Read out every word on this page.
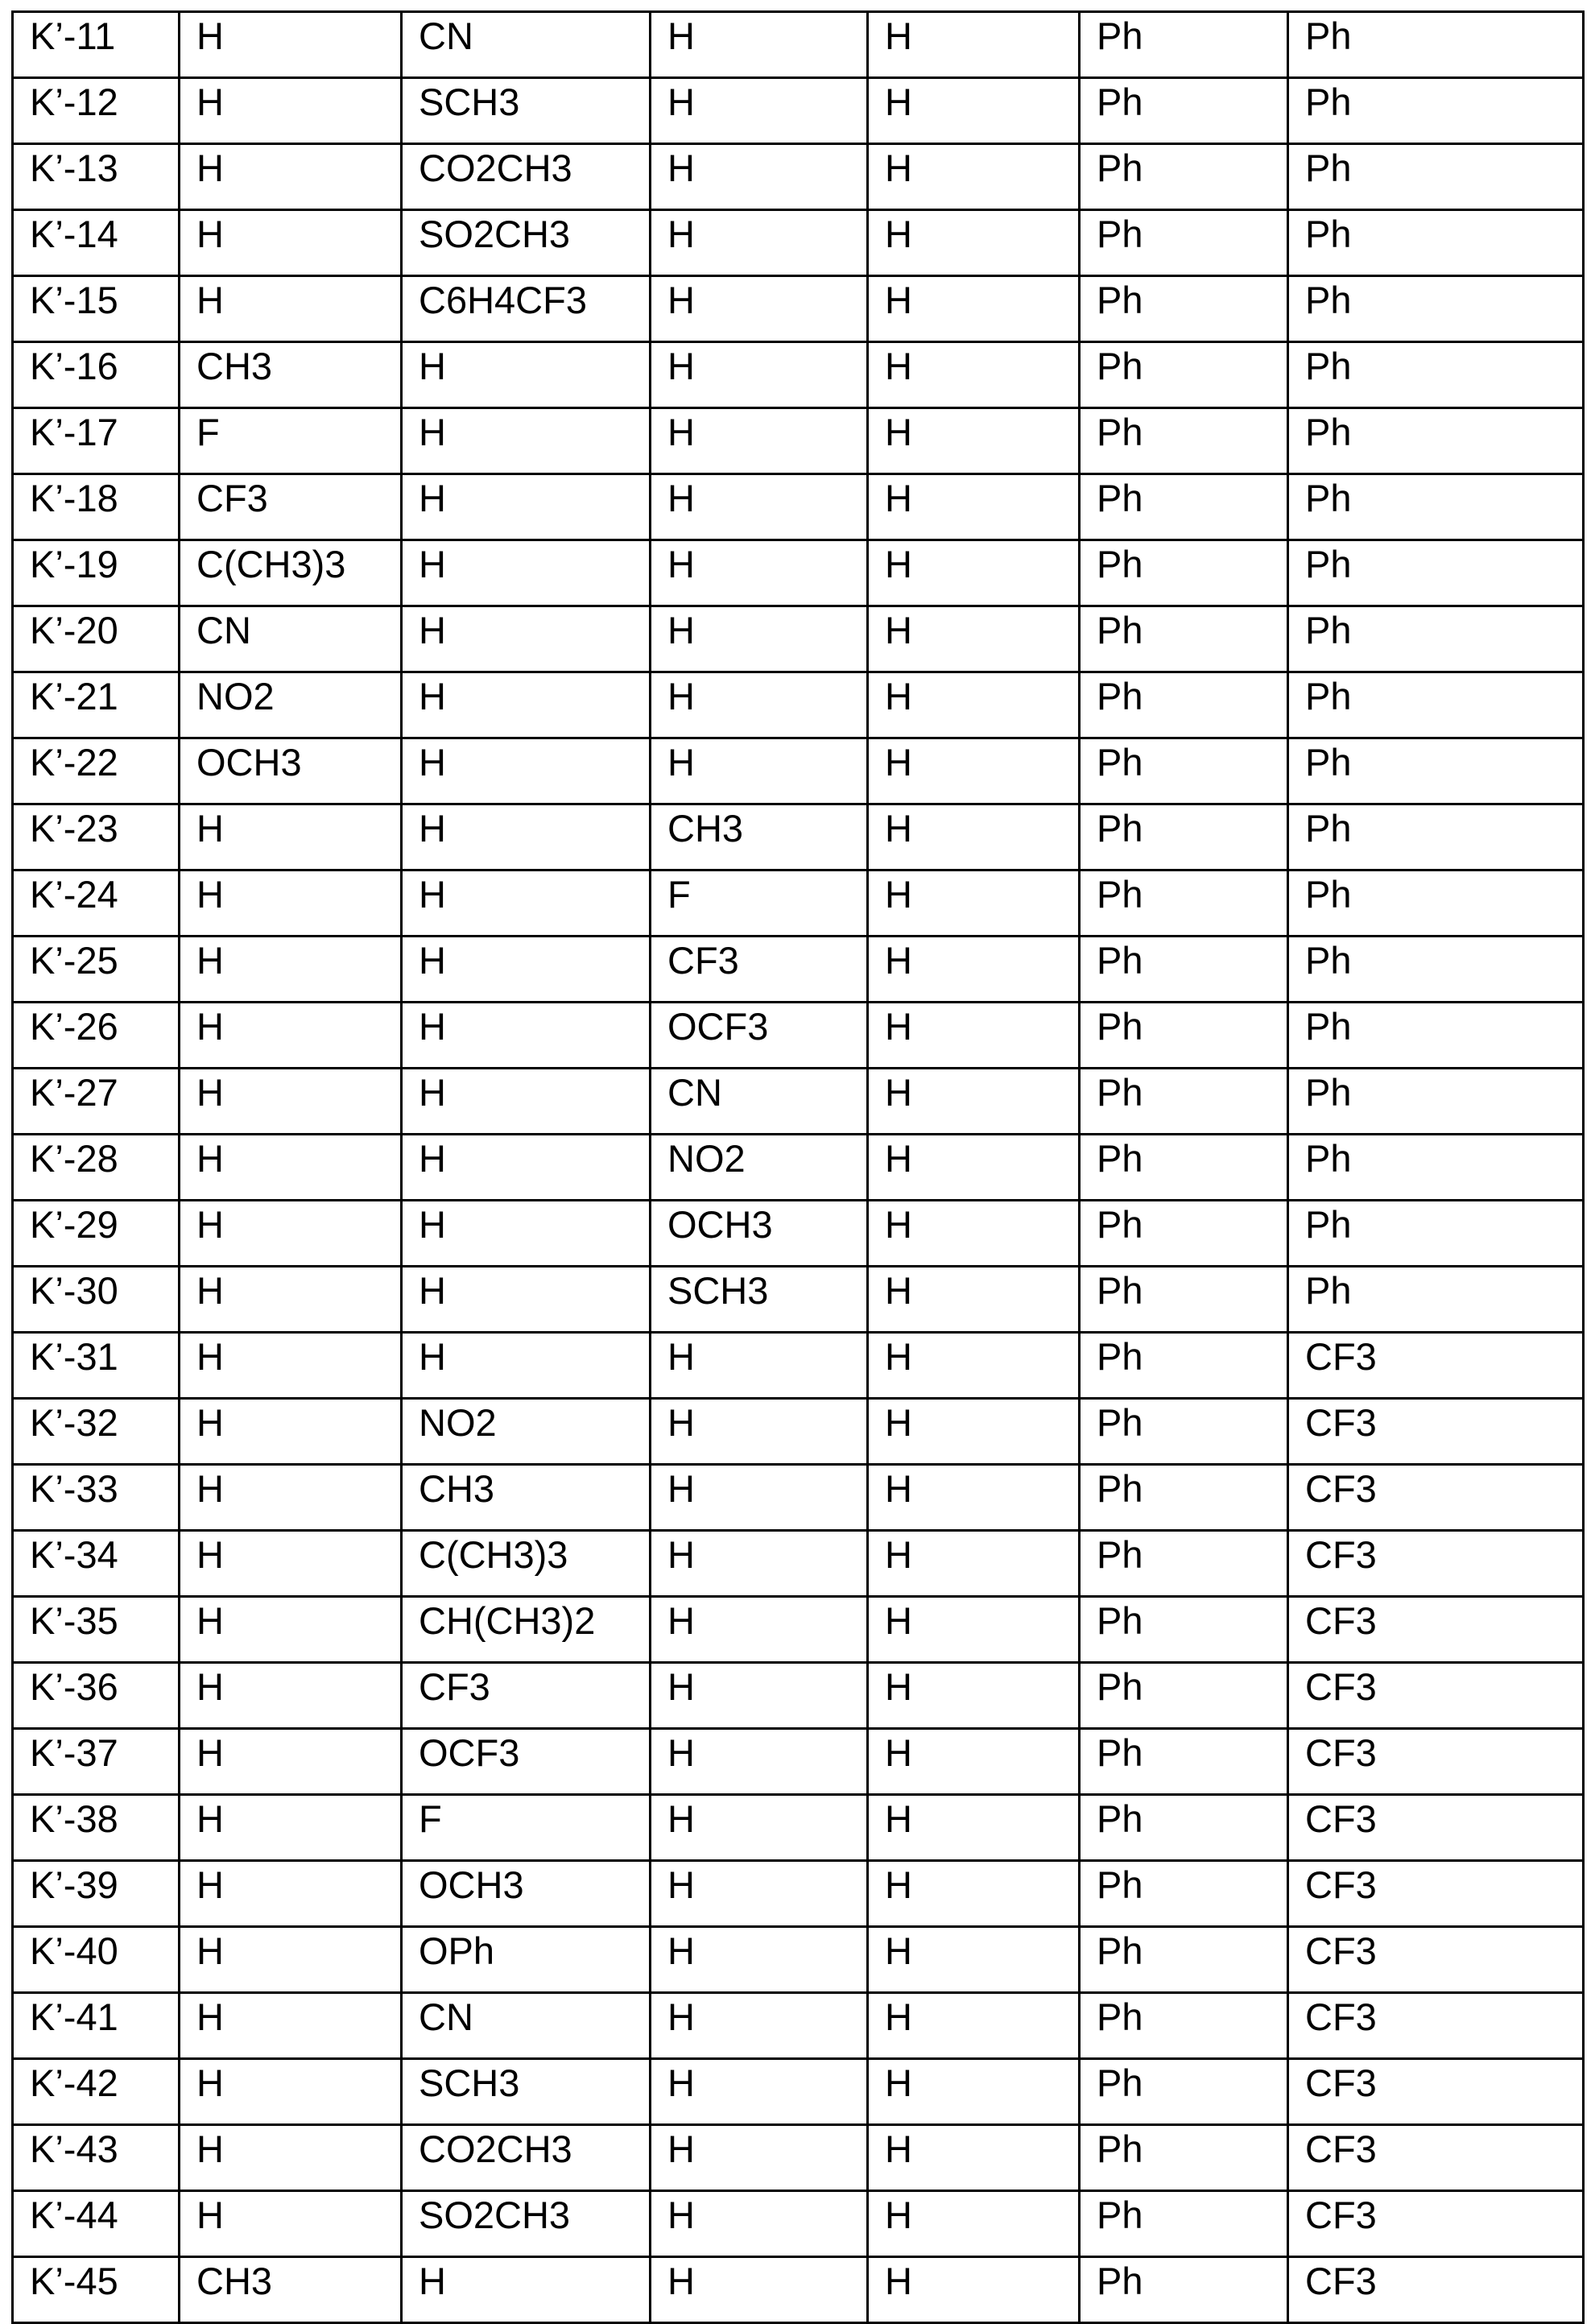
K’-11	H	CN	H	H	Ph	Ph
K’-12	H	SCH3	H	H	Ph	Ph
K’-13	H	CO2CH3	H	H	Ph	Ph
K’-14	H	SO2CH3	H	H	Ph	Ph
K’-15	H	C6H4CF3	H	H	Ph	Ph
K’-16	CH3	H	H	H	Ph	Ph
K’-17	F	H	H	H	Ph	Ph
K’-18	CF3	H	H	H	Ph	Ph
K’-19	C(CH3)3	H	H	H	Ph	Ph
K’-20	CN	H	H	H	Ph	Ph
K’-21	NO2	H	H	H	Ph	Ph
K’-22	OCH3	H	H	H	Ph	Ph
K’-23	H	H	CH3	H	Ph	Ph
K’-24	H	H	F	H	Ph	Ph
K’-25	H	H	CF3	H	Ph	Ph
K’-26	H	H	OCF3	H	Ph	Ph
K’-27	H	H	CN	H	Ph	Ph
K’-28	H	H	NO2	H	Ph	Ph
K’-29	H	H	OCH3	H	Ph	Ph
K’-30	H	H	SCH3	H	Ph	Ph
K’-31	H	H	H	H	Ph	CF3
K’-32	H	NO2	H	H	Ph	CF3
K’-33	H	CH3	H	H	Ph	CF3
K’-34	H	C(CH3)3	H	H	Ph	CF3
K’-35	H	CH(CH3)2	H	H	Ph	CF3
K’-36	H	CF3	H	H	Ph	CF3
K’-37	H	OCF3	H	H	Ph	CF3
K’-38	H	F	H	H	Ph	CF3
K’-39	H	OCH3	H	H	Ph	CF3
K’-40	H	OPh	H	H	Ph	CF3
K’-41	H	CN	H	H	Ph	CF3
K’-42	H	SCH3	H	H	Ph	CF3
K’-43	H	CO2CH3	H	H	Ph	CF3
K’-44	H	SO2CH3	H	H	Ph	CF3
K’-45	CH3	H	H	H	Ph	CF3
